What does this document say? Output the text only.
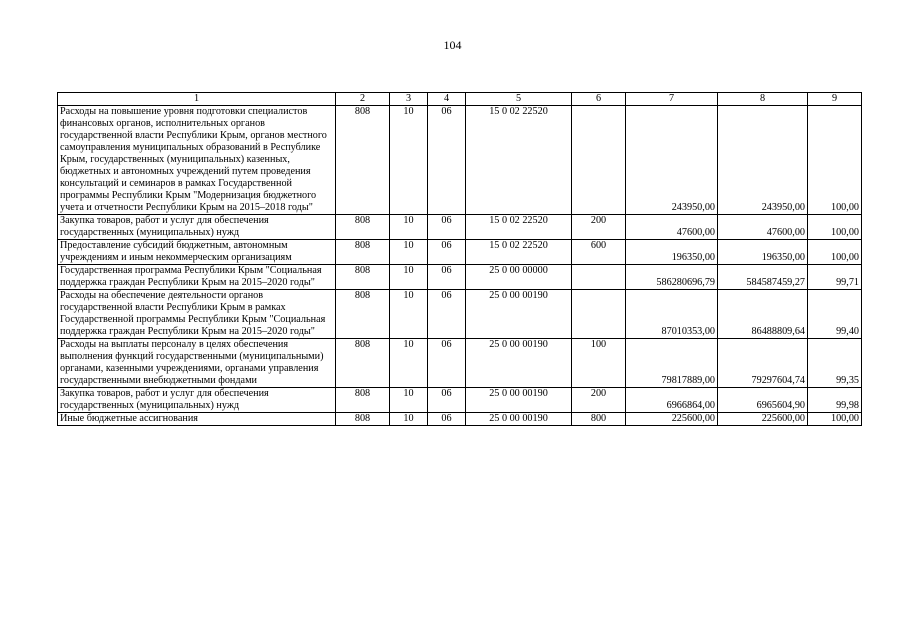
104
1	2	3	4	5	6	7	8	9
Расходы на повышение уровня подготовки специалистов финансовых органов, исполнительных органов государственной власти Республики Крым, органов местного самоуправления муниципальных образований в Республике Крым, государственных (муниципальных) казенных, бюджетных и автономных учреждений путем проведения консультаций и семинаров в рамках Государственной программы Республики Крым "Модернизация бюджетного учета и отчетности Республики Крым на 2015–2018 годы"	808	10	06	15 0 02 22520		243950,00	243950,00	100,00
Закупка товаров, работ и услуг для обеспечения государственных (муниципальных) нужд	808	10	06	15 0 02 22520	200	47600,00	47600,00	100,00
Предоставление субсидий бюджетным, автономным учреждениям и иным некоммерческим организациям	808	10	06	15 0 02 22520	600	196350,00	196350,00	100,00
Государственная программа Республики Крым "Социальная поддержка граждан Республики Крым на 2015–2020 годы"	808	10	06	25 0 00 00000		586280696,79	584587459,27	99,71
Расходы на обеспечение деятельности органов государственной власти Республики Крым в рамках Государственной программы Республики Крым "Социальная поддержка граждан Республики Крым на 2015–2020 годы"	808	10	06	25 0 00 00190		87010353,00	86488809,64	99,40
Расходы на выплаты персоналу в целях обеспечения выполнения функций государственными (муниципальными) органами, казенными учреждениями, органами управления государственными внебюджетными фондами	808	10	06	25 0 00 00190	100	79817889,00	79297604,74	99,35
Закупка товаров, работ и услуг для обеспечения государственных (муниципальных) нужд	808	10	06	25 0 00 00190	200	6966864,00	6965604,90	99,98
Иные бюджетные ассигнования	808	10	06	25 0 00 00190	800	225600,00	225600,00	100,00
